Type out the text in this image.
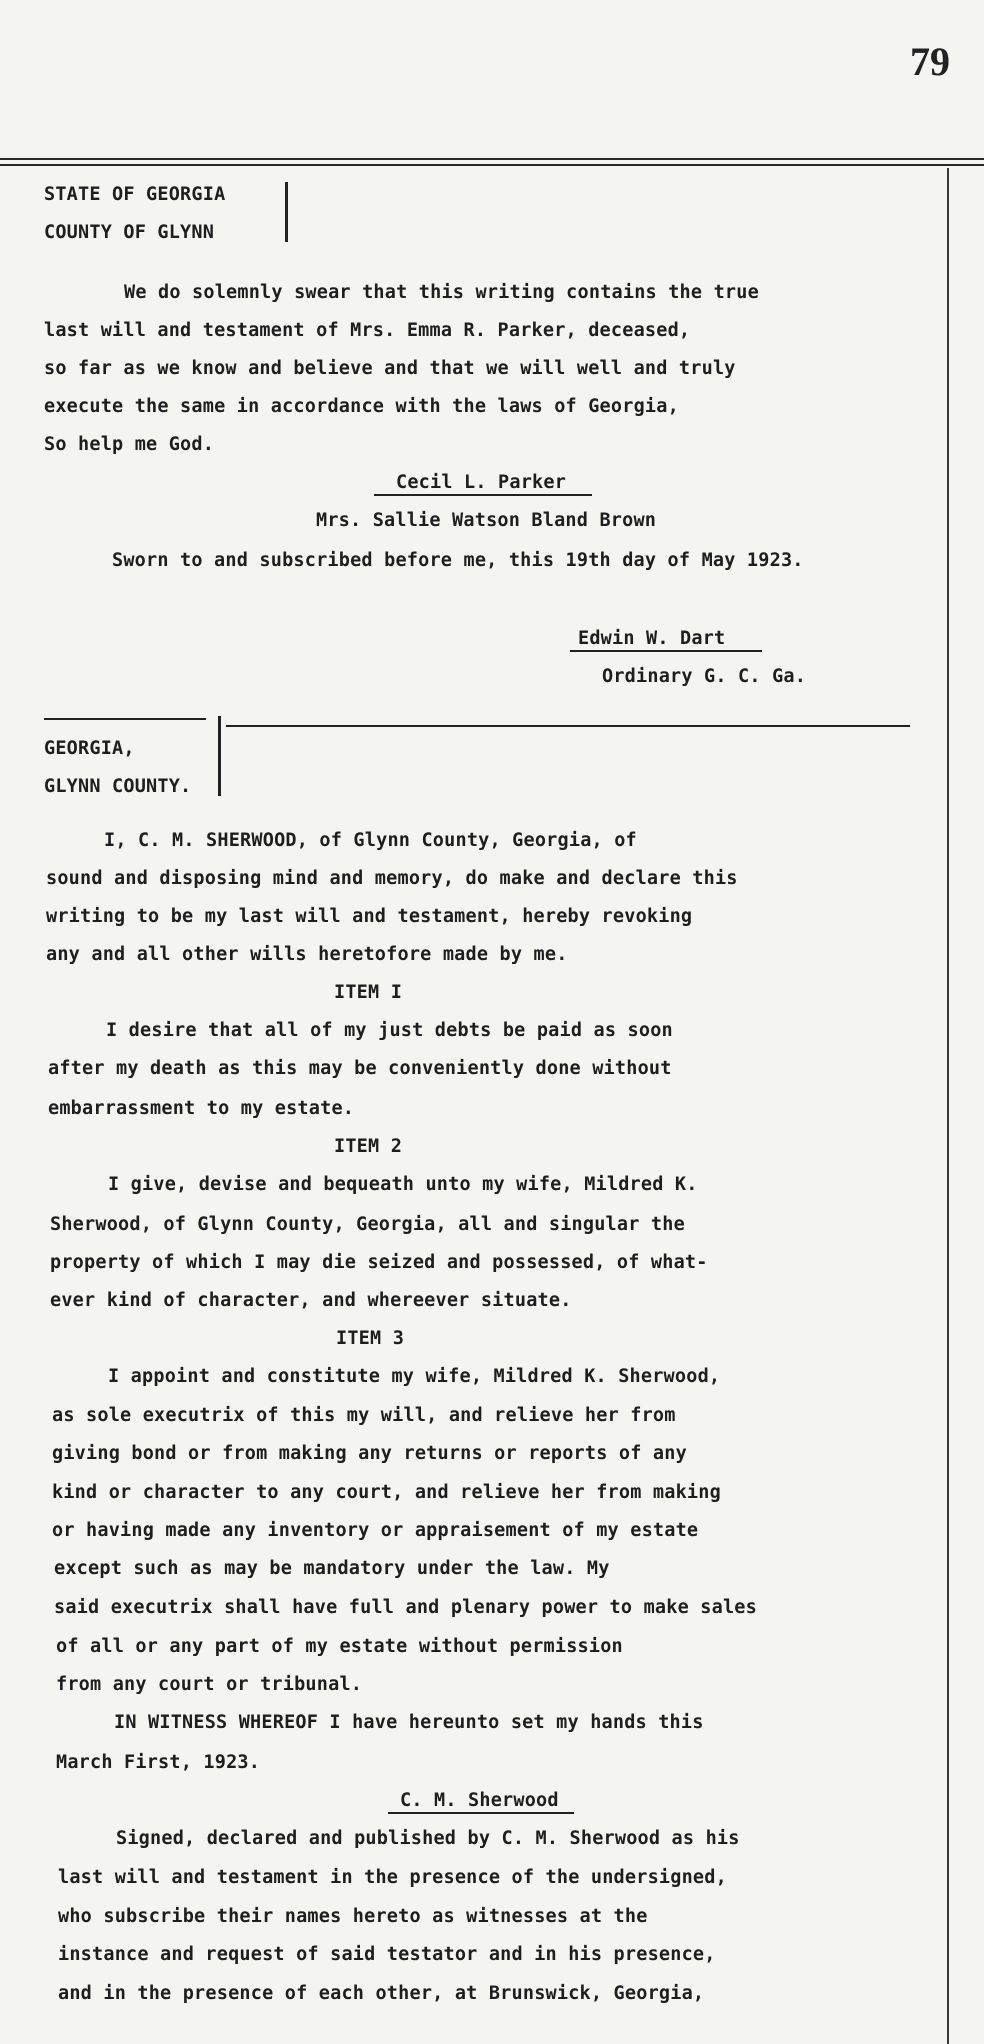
79
STATE OF GEORGIA
COUNTY OF GLYNN
We do solemnly swear that this writing contains the true
last will and testament of Mrs. Emma R. Parker, deceased,
so far as we know and believe and that we will well and truly
execute the same in accordance with the laws of Georgia,
So help me God.
Cecil L. Parker
Mrs. Sallie Watson Bland Brown
Sworn to and subscribed before me, this 19th day of May 1923.
Edwin W. Dart
Ordinary G. C. Ga.
GEORGIA,
GLYNN COUNTY.
I, C. M. SHERWOOD, of Glynn County, Georgia, of
sound and disposing mind and memory, do make and declare this
writing to be my last will and testament, hereby revoking
any and all other wills heretofore made by me.
ITEM I
I desire that all of my just debts be paid as soon
after my death as this may be conveniently done without
embarrassment to my estate.
ITEM 2
I give, devise and bequeath unto my wife, Mildred K.
Sherwood, of Glynn County, Georgia, all and singular the
property of which I may die seized and possessed, of what-
ever kind of character, and whereever situate.
ITEM 3
I appoint and constitute my wife, Mildred K. Sherwood,
as sole executrix of this my will, and relieve her from
giving bond or from making any returns or reports of any
kind or character to any court, and relieve her from making
or having made any inventory or appraisement of my estate
except such as may be mandatory under the law. My
said executrix shall have full and plenary power to make sales
of all or any part of my estate without permission
from any court or tribunal.
IN WITNESS WHEREOF I have hereunto set my hands this
March First, 1923.
C. M. Sherwood
Signed, declared and published by C. M. Sherwood as his
last will and testament in the presence of the undersigned,
who subscribe their names hereto as witnesses at the
instance and request of said testator and in his presence,
and in the presence of each other, at Brunswick, Georgia,
